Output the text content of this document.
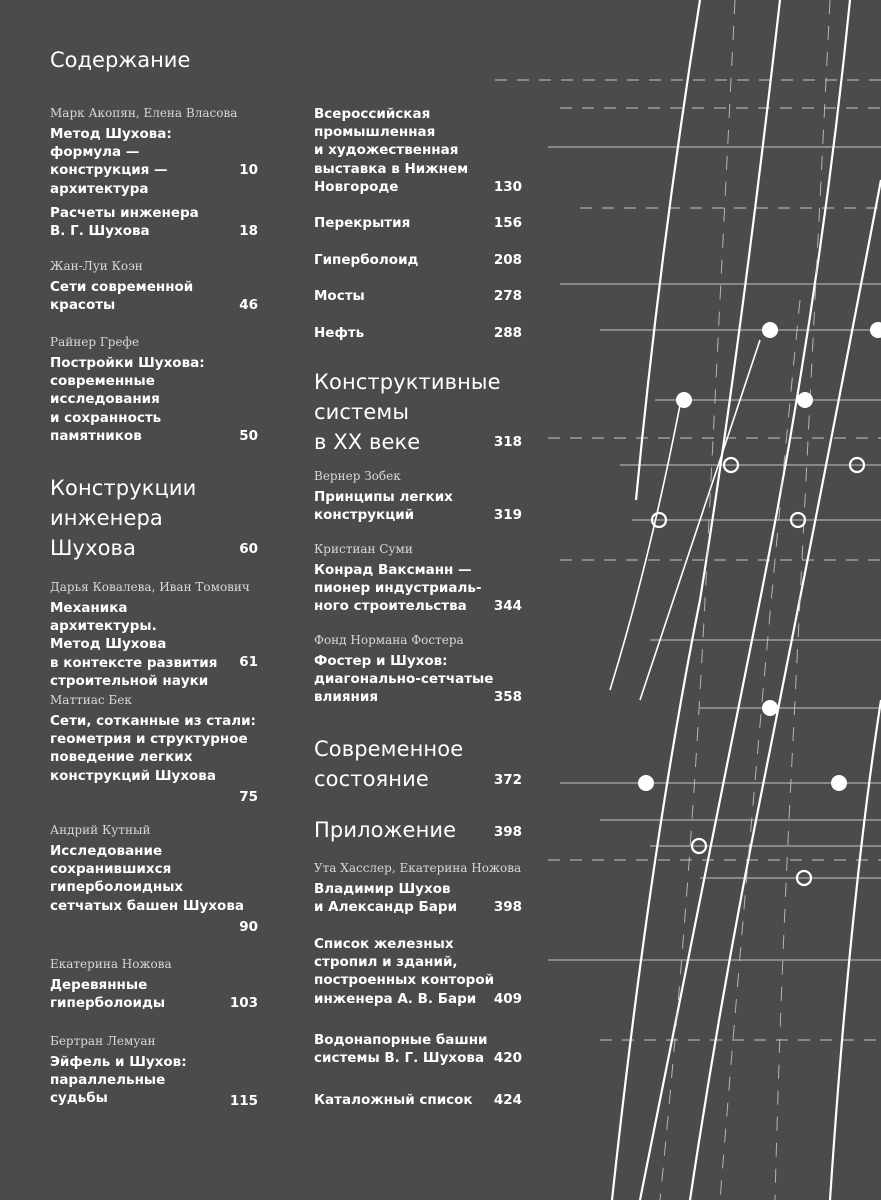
Содержание
Марк Акопян, Елена Власова
Метод Шухова: формула —
конструкция —
архитектура
10
Расчеты инженера
В. Г. Шухова	18
Жан-Луи Коэн
Сети современной
красоты	46
Райнер Грефе
Постройки Шухова:
современные
исследования
и сохранность
памятников	50
Конструкции
инженера
Шухова	60
Дарья Ковалева, Иван Томович
Механика архитектуры.
Метод Шухова
в контексте развития
строительной науки
61
Маттиас Бек
Сети, сотканные из стали:
геометрия и структурное
поведение легких
конструкций Шухова
75
Андрий Кутный
Исследование
сохранившихся
гиперболоидных
сетчатых башен Шухова
90
Екатерина Ножова
Деревянные
гиперболоиды	103
Бертран Лемуан
Эйфель и Шухов:
параллельные судьбы	115
Всероссийская
промышленная
и художественная
выставка в Нижнем
Новгороде	130
Перекрытия	156
Гиперболоид	208
Мосты	278
Нефть	288
Конструктивные
системы
в XX веке	318
Вернер Зобек
Принципы легких
конструкций	319
Кристиан Суми
Конрад Ваксманн —
пионер индустриаль-
ного строительства	344
Фонд Нормана Фостера
Фостер и Шухов:
диагонально-сетчатые
влияния	358
Современное
состояние	372
Приложение	398
Ута Хасслер, Екатерина Ножова
Владимир Шухов
и Александр Бари	398
Список железных
стропил и зданий,
построенных конторой
инженера А. В. Бари	409
Водонапорные башни
системы В. Г. Шухова 420
Каталожный список	424
